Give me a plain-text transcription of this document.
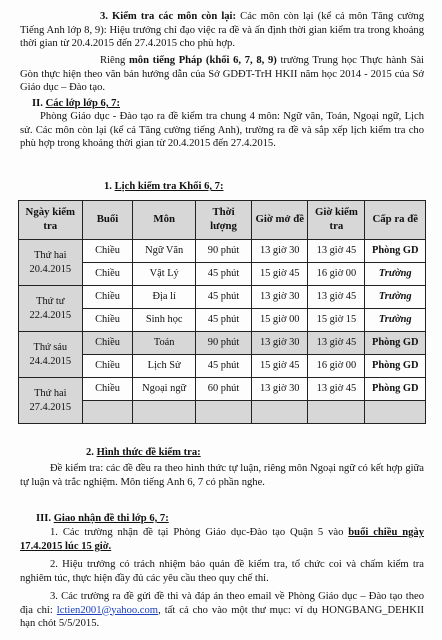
3. Kiểm tra các môn còn lại: Các môn còn lại (kể cả môn Tăng cường Tiếng Anh lớp 8, 9): Hiệu trưởng chỉ đạo việc ra đề và ấn định thời gian kiểm tra trong khoảng thời gian từ 20.4.2015 đến 27.4.2015 cho phù hợp.

Riêng môn tiếng Pháp (khối 6, 7, 8, 9) trường Trung học Thực hành Sài Gòn thực hiện theo văn bản hướng dẫn của Sở GDĐT-TrH HKII năm học 2014 - 2015 của Sở Giáo dục – Đào tạo.

II. Các lớp lớp 6, 7:

Phòng Giáo dục - Đào tạo ra đề kiểm tra chung 4 môn: Ngữ văn, Toán, Ngoại ngữ, Lịch sử. Các môn còn lại (kể cả Tăng cường tiếng Anh), trường ra đề và sắp xếp lịch kiểm tra cho phù hợp trong khoảng thời gian từ 20.4.2015 đến 27.4.2015.

1. Lịch kiểm tra Khối 6, 7:

Ngày kiểm tra	Buổi	Môn	Thời lượng	Giờ mở đề	Giờ kiểm tra	Cấp ra đề
Thứ hai
20.4.2015	Chiều	Ngữ Văn	90 phút	13 giờ 30	13 giờ 45	Phòng GD
	Chiều	Vật Lý	45 phút	15 giờ 45	16 giờ 00	Trường
Thứ tư
22.4.2015	Chiều	Địa lí	45 phút	13 giờ 30	13 giờ 45	Trường
	Chiều	Sinh học	45 phút	15 giờ 00	15 giờ 15	Trường
Thứ sáu
24.4.2015	Chiều	Toán	90 phút	13 giờ 30	13 giờ 45	Phòng GD
	Chiều	Lịch Sử	45 phút	15 giờ 45	16 giờ 00	Phòng GD
Thứ hai
27.4.2015	Chiều	Ngoại ngữ	60 phút	13 giờ 30	13 giờ 45	Phòng GD

2. Hình thức đề kiểm tra:

Đề kiểm tra: các đề đều ra theo hình thức tự luận, riêng môn Ngoại ngữ có kết hợp giữa tự luận và trắc nghiệm. Môn tiếng Anh 6, 7 có phần nghe.

III. Giao nhận đề thi lớp 6, 7:

1. Các trường nhận đề tại Phòng Giáo dục-Đào tạo Quận 5 vào buổi chiều ngày 17.4.2015 lúc 15 giờ.

2. Hiệu trưởng có trách nhiệm bảo quản đề kiểm tra, tổ chức coi và chấm kiểm tra nghiêm túc, thực hiện đầy đủ các yêu cầu theo quy chế thi.

3. Các trường ra đề gửi đề thi và đáp án theo email về Phòng Giáo dục – Đào tạo theo địa chỉ: lctien2001@yahoo.com, tất cả cho vào một thư mục: ví dụ HONGBANG_DEHKII hạn chót 5/5/2015.
